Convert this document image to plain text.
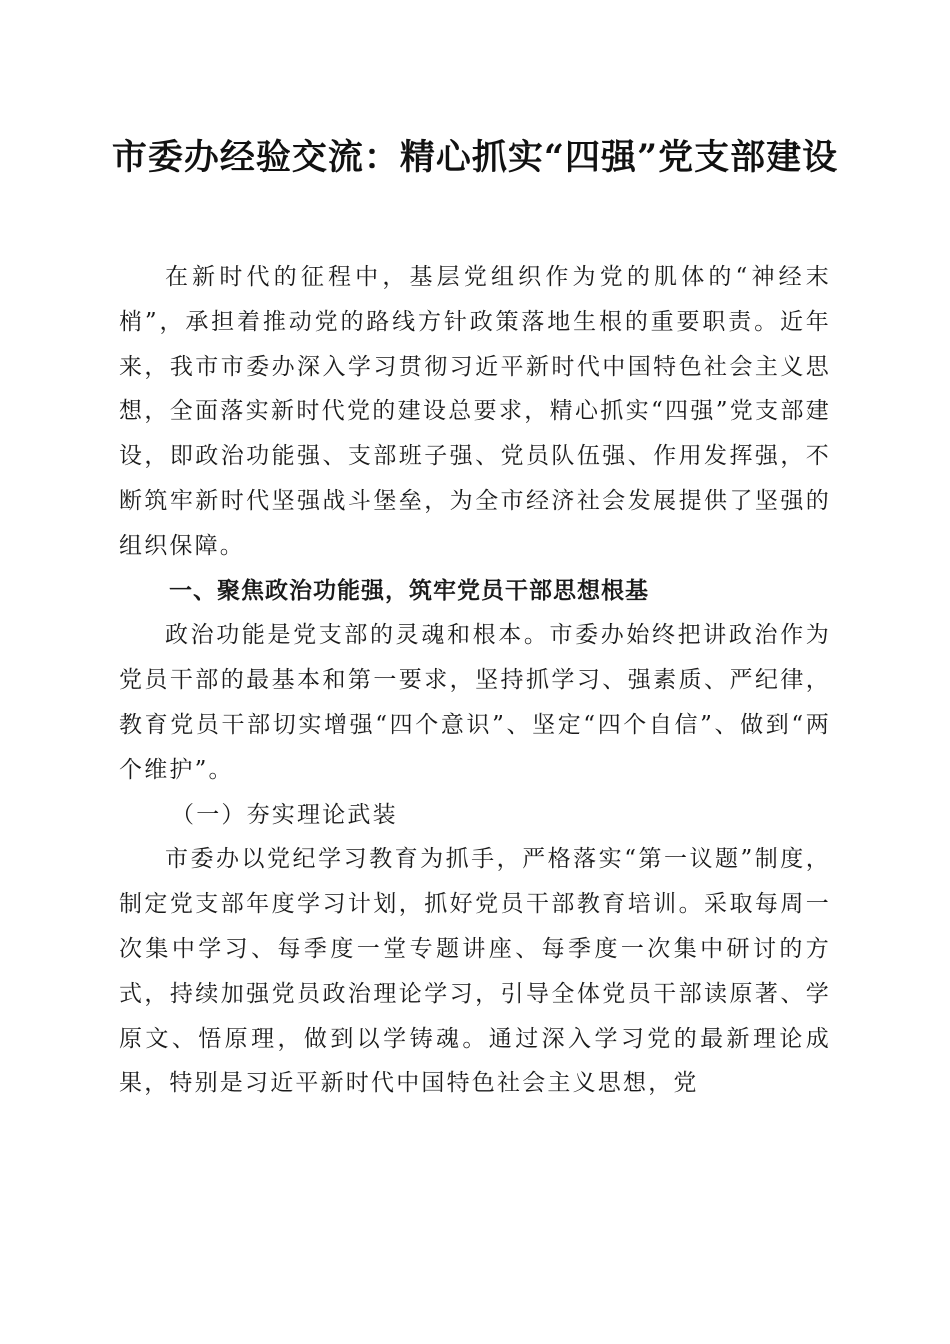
市委办经验交流：精心抓实“四强”党支部建设

在新时代的征程中，基层党组织作为党的肌体的“神经末梢”，承担着推动党的路线方针政策落地生根的重要职责。近年来，我市市委办深入学习贯彻习近平新时代中国特色社会主义思想，全面落实新时代党的建设总要求，精心抓实“四强”党支部建设，即政治功能强、支部班子强、党员队伍强、作用发挥强，不断筑牢新时代坚强战斗堡垒，为全市经济社会发展提供了坚强的组织保障。

一、聚焦政治功能强，筑牢党员干部思想根基

政治功能是党支部的灵魂和根本。市委办始终把讲政治作为党员干部的最基本和第一要求，坚持抓学习、强素质、严纪律，教育党员干部切实增强“四个意识”、坚定“四个自信”、做到“两个维护”。

（一）夯实理论武装

市委办以党纪学习教育为抓手，严格落实“第一议题”制度，制定党支部年度学习计划，抓好党员干部教育培训。采取每周一次集中学习、每季度一堂专题讲座、每季度一次集中研讨的方式，持续加强党员政治理论学习，引导全体党员干部读原著、学原文、悟原理，做到以学铸魂。通过深入学习党的最新理论成果，特别是习近平新时代中国特色社会主义思想，党
